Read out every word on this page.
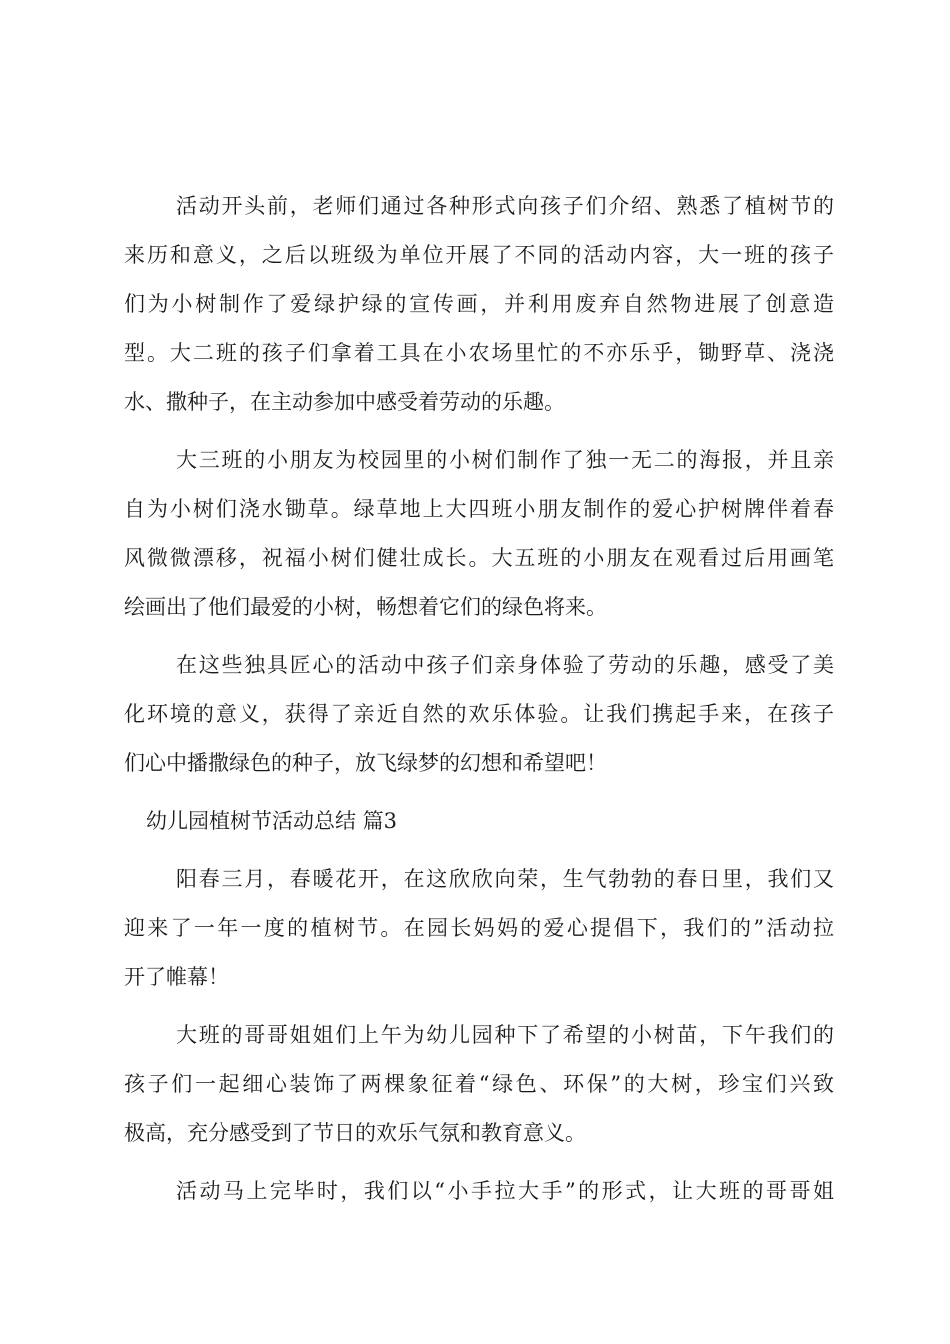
活动开头前，老师们通过各种形式向孩子们介绍、熟悉了植树节的
来历和意义，之后以班级为单位开展了不同的活动内容，大一班的孩子
们为小树制作了爱绿护绿的宣传画，并利用废弃自然物进展了创意造
型。大二班的孩子们拿着工具在小农场里忙的不亦乐乎，锄野草、浇浇
水、撒种子，在主动参加中感受着劳动的乐趣。
大三班的小朋友为校园里的小树们制作了独一无二的海报，并且亲
自为小树们浇水锄草。绿草地上大四班小朋友制作的爱心护树牌伴着春
风微微漂移，祝福小树们健壮成长。大五班的小朋友在观看过后用画笔
绘画出了他们最爱的小树，畅想着它们的绿色将来。
在这些独具匠心的活动中孩子们亲身体验了劳动的乐趣，感受了美
化环境的意义，获得了亲近自然的欢乐体验。让我们携起手来，在孩子
们心中播撒绿色的种子，放飞绿梦的幻想和希望吧！
幼儿园植树节活动总结 篇3
阳春三月，春暖花开，在这欣欣向荣，生气勃勃的春日里，我们又
迎来了一年一度的植树节。在园长妈妈的爱心提倡下，我们的”活动拉
开了帷幕！
大班的哥哥姐姐们上午为幼儿园种下了希望的小树苗，下午我们的
孩子们一起细心装饰了两棵象征着“绿色、环保”的大树，珍宝们兴致
极高，充分感受到了节日的欢乐气氛和教育意义。
活动马上完毕时，我们以“小手拉大手”的形式，让大班的哥哥姐
